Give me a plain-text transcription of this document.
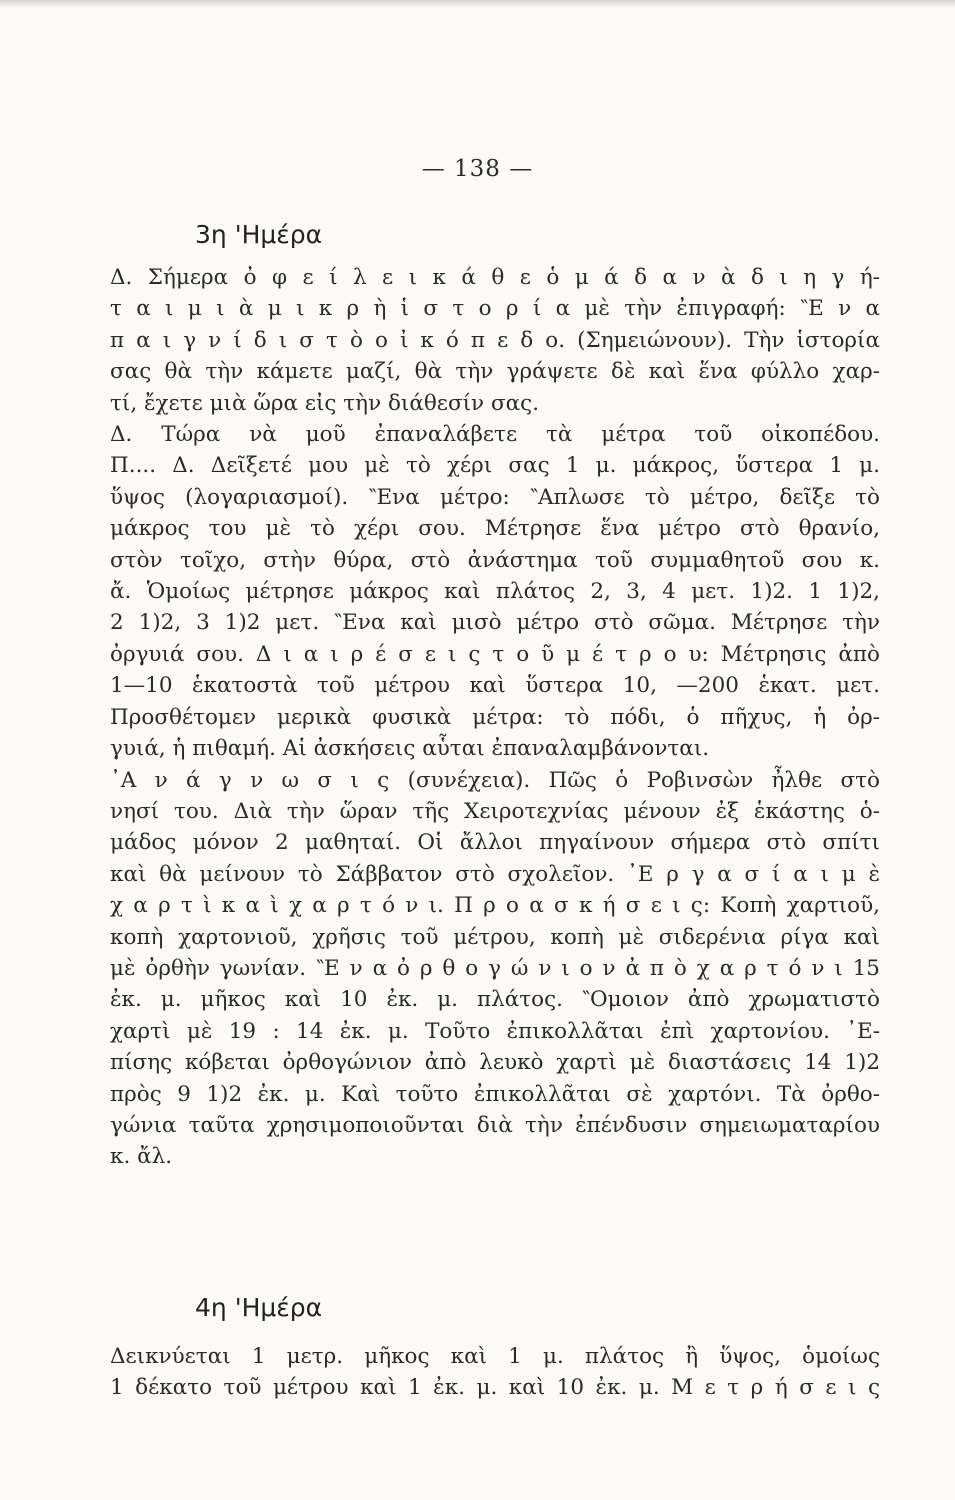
— 138 —
3η 'Ημέρα
Δ. Σήμερα ὀ φ ε ί λ ε ι κ ά θ ε ὁ μ ά δ α ν ὰ δ ι η γ ή-
τ α ι μ ι ὰ μ ι κ ρ ὴ ἱ σ τ ο ρ ί α μὲ τὴν ἐπιγραφή: ‶Ε ν α
π α ι γ ν ί δ ι σ τ ὸ ο ἰ κ ό π ε δ ο. (Σημειώνουν). Τὴν ἱστορία
σας θὰ τὴν κάμετε μαζί, θὰ τὴν γράψετε δὲ καὶ ἕνα φύλλο χαρ-
τί, ἔχετε μιὰ ὥρα εἰς τὴν διάθεσίν σας.
Δ. Τώρα νὰ μοῦ ἐπαναλάβετε τὰ μέτρα τοῦ οἰκοπέδου.
Π.... Δ. Δεῖξετέ μου μὲ τὸ χέρι σας 1 μ. μάκρος, ὕστερα 1 μ.
ὕψος (λογαριασμοί). ‶Ενα μέτρο: ‶Απλωσε τὸ μέτρο, δεῖξε τὸ
μάκρος του μὲ τὸ χέρι σου. Μέτρησε ἕνα μέτρο στὸ θρανίο,
στὸν τοῖχο, στὴν θύρα, στὸ ἀνάστημα τοῦ συμμαθητοῦ σου κ.
ἄ. Ὁμοίως μέτρησε μάκρος καὶ πλάτος 2, 3, 4 μετ. 1)2. 1 1)2,
2 1)2, 3 1)2 μετ. ‶Ενα καὶ μισὸ μέτρο στὸ σῶμα. Μέτρησε τὴν
ὀργυιά σου. Δ ι α ι ρ έ σ ε ι ς τ ο ῦ μ έ τ ρ ο υ: Μέτρησις ἀπὸ
1—10 ἑκατοστὰ τοῦ μέτρου καὶ ὕστερα 10, —200 ἑκατ. μετ.
Προσθέτομεν μερικὰ φυσικὰ μέτρα: τὸ πόδι, ὁ πῆχυς, ἡ ὀρ-
γυιά, ἡ πιθαμή. Αἱ ἀσκήσεις αὗται ἐπαναλαμβάνονται.
᾿Α ν ά γ ν ω σ ι ς (συνέχεια). Πῶς ὁ Ροβινσὼν ἦλθε στὸ
νησί του. Διὰ τὴν ὥραν τῆς Χειροτεχνίας μένουν ἐξ ἑκάστης ὁ-
μάδος μόνον 2 μαθηταί. Οἱ ἄλλοι πηγαίνουν σήμερα στὸ σπίτι
καὶ θὰ μείνουν τὸ Σάββατον στὸ σχολεῖον. ᾿Ε ρ γ α σ ί α ι μ ὲ
χ α ρ τ ὶ κ α ὶ χ α ρ τ ό ν ι. Π ρ ο α σ κ ή σ ε ι ς: Κοπὴ χαρτιοῦ,
κοπὴ χαρτονιοῦ, χρῆσις τοῦ μέτρου, κοπὴ μὲ σιδερένια ρίγα καὶ
μὲ ὀρθὴν γωνίαν. ‶Ε ν α ὀ ρ θ ο γ ώ ν ι ο ν ἀ π ὸ χ α ρ τ ό ν ι 15
ἐκ. μ. μῆκος καὶ 10 ἐκ. μ. πλάτος. ‶Ομοιον ἀπὸ χρωματιστὸ
χαρτὶ μὲ 19 : 14 ἐκ. μ. Τοῦτο ἐπικολλᾶται ἐπὶ χαρτονίου. ᾿Ε-
πίσης κόβεται ὀρθογώνιον ἀπὸ λευκὸ χαρτὶ μὲ διαστάσεις 14 1)2
πρὸς 9 1)2 ἐκ. μ. Καὶ τοῦτο ἐπικολλᾶται σὲ χαρτόνι. Τὰ ὀρθο-
γώνια ταῦτα χρησιμοποιοῦνται διὰ τὴν ἐπένδυσιν σημειωματαρίου
κ. ἄλ.
4η 'Ημέρα
Δεικνύεται 1 μετρ. μῆκος καὶ 1 μ. πλάτος ἢ ὕψος, ὁμοίως
1 δέκατο τοῦ μέτρου καὶ 1 ἐκ. μ. καὶ 10 ἐκ. μ. Μ ε τ ρ ή σ ε ι ς
